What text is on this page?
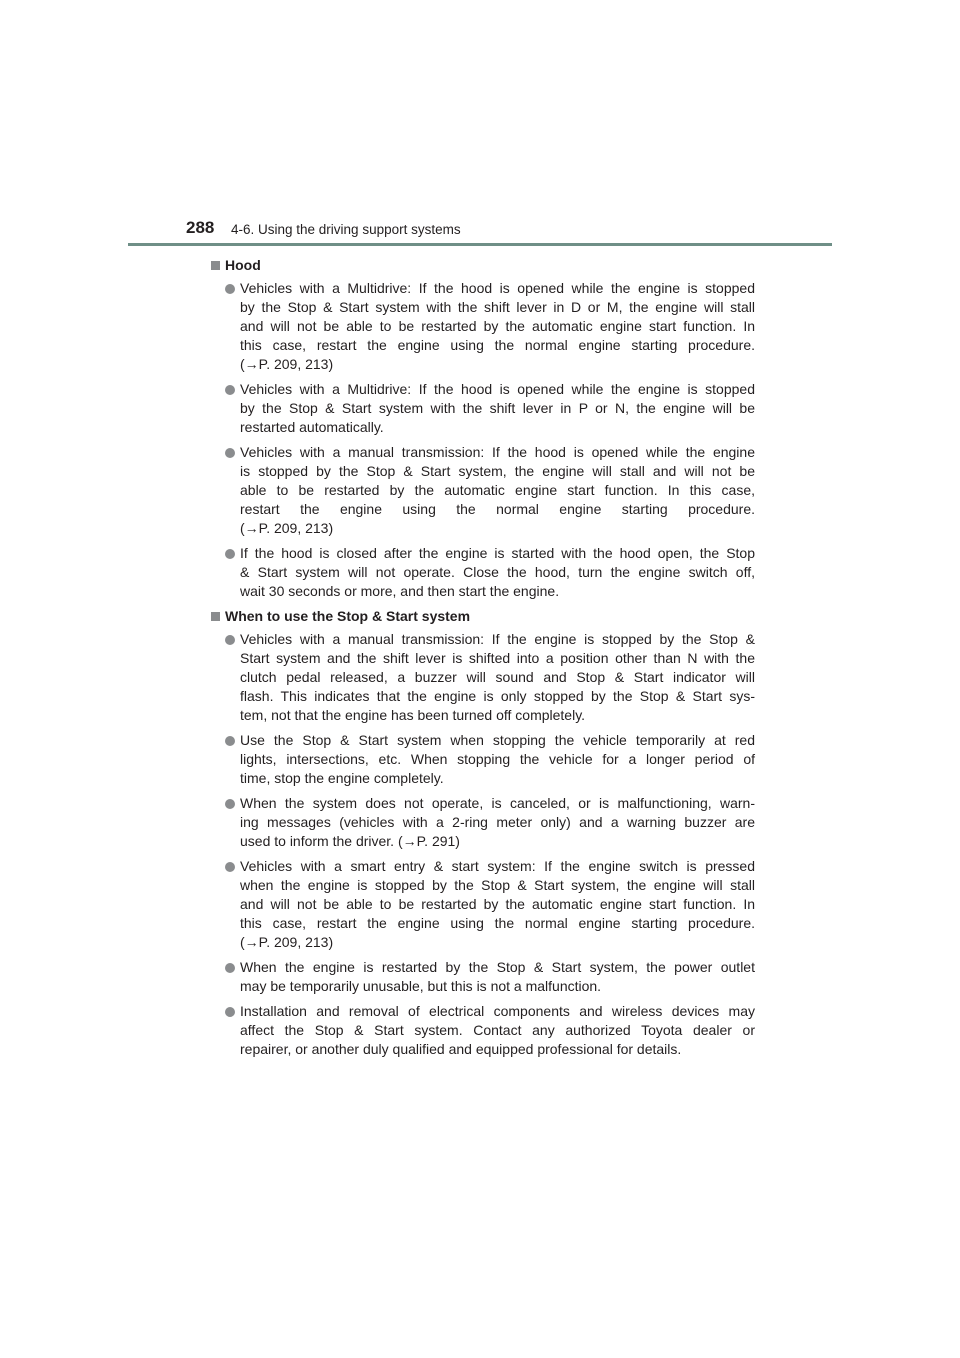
288 4-6. Using the driving support systems
Hood
Vehicles with a Multidrive: If the hood is opened while the engine is stopped
by the Stop & Start system with the shift lever in D or M, the engine will stall
and will not be able to be restarted by the automatic engine start function. In
this case, restart the engine using the normal engine starting procedure.
(→P. 209, 213)
Vehicles with a Multidrive: If the hood is opened while the engine is stopped
by the Stop & Start system with the shift lever in P or N, the engine will be
restarted automatically.
Vehicles with a manual transmission: If the hood is opened while the engine
is stopped by the Stop & Start system, the engine will stall and will not be
able to be restarted by the automatic engine start function. In this case,
restart the engine using the normal engine starting procedure.
(→P. 209, 213)
If the hood is closed after the engine is started with the hood open, the Stop
& Start system will not operate. Close the hood, turn the engine switch off,
wait 30 seconds or more, and then start the engine.
When to use the Stop & Start system
Vehicles with a manual transmission: If the engine is stopped by the Stop &
Start system and the shift lever is shifted into a position other than N with the
clutch pedal released, a buzzer will sound and Stop & Start indicator will
flash. This indicates that the engine is only stopped by the Stop & Start sys-
tem, not that the engine has been turned off completely.
Use the Stop & Start system when stopping the vehicle temporarily at red
lights, intersections, etc. When stopping the vehicle for a longer period of
time, stop the engine completely.
When the system does not operate, is canceled, or is malfunctioning, warn-
ing messages (vehicles with a 2-ring meter only) and a warning buzzer are
used to inform the driver. (→P. 291)
Vehicles with a smart entry & start system: If the engine switch is pressed
when the engine is stopped by the Stop & Start system, the engine will stall
and will not be able to be restarted by the automatic engine start function. In
this case, restart the engine using the normal engine starting procedure.
(→P. 209, 213)
When the engine is restarted by the Stop & Start system, the power outlet
may be temporarily unusable, but this is not a malfunction.
Installation and removal of electrical components and wireless devices may
affect the Stop & Start system. Contact any authorized Toyota dealer or
repairer, or another duly qualified and equipped professional for details.
